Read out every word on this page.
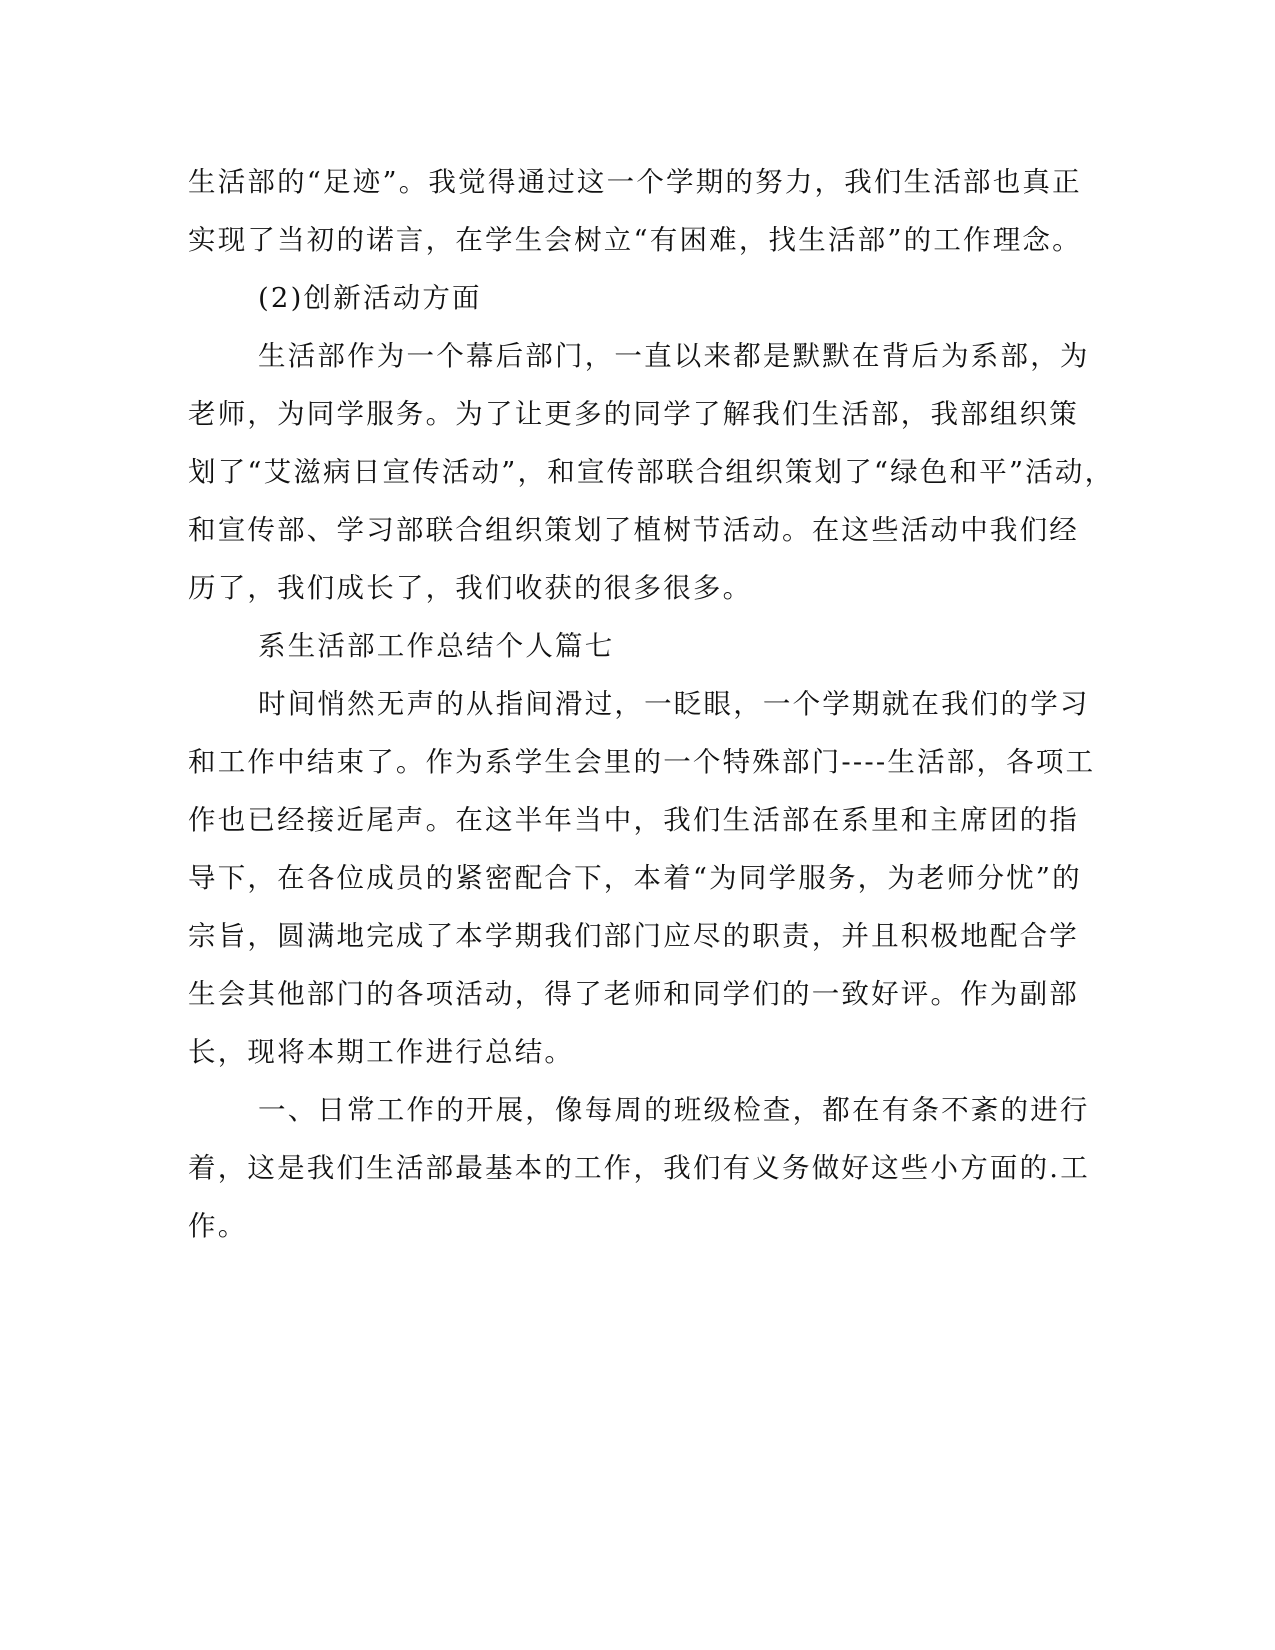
生活部的“足迹”。我觉得通过这一个学期的努力，我们生活部也真正
实现了当初的诺言，在学生会树立“有困难，找生活部”的工作理念。
(2)创新活动方面
生活部作为一个幕后部门，一直以来都是默默在背后为系部，为
老师，为同学服务。为了让更多的同学了解我们生活部，我部组织策
划了“艾滋病日宣传活动”，和宣传部联合组织策划了“绿色和平”活动，
和宣传部、学习部联合组织策划了植树节活动。在这些活动中我们经
历了，我们成长了，我们收获的很多很多。
系生活部工作总结个人篇七
时间悄然无声的从指间滑过，一眨眼，一个学期就在我们的学习
和工作中结束了。作为系学生会里的一个特殊部门----生活部，各项工
作也已经接近尾声。在这半年当中，我们生活部在系里和主席团的指
导下，在各位成员的紧密配合下，本着“为同学服务，为老师分忧”的
宗旨，圆满地完成了本学期我们部门应尽的职责，并且积极地配合学
生会其他部门的各项活动，得了老师和同学们的一致好评。作为副部
长，现将本期工作进行总结。
一、日常工作的开展，像每周的班级检查，都在有条不紊的进行
着，这是我们生活部最基本的工作，我们有义务做好这些小方面的.工
作。
